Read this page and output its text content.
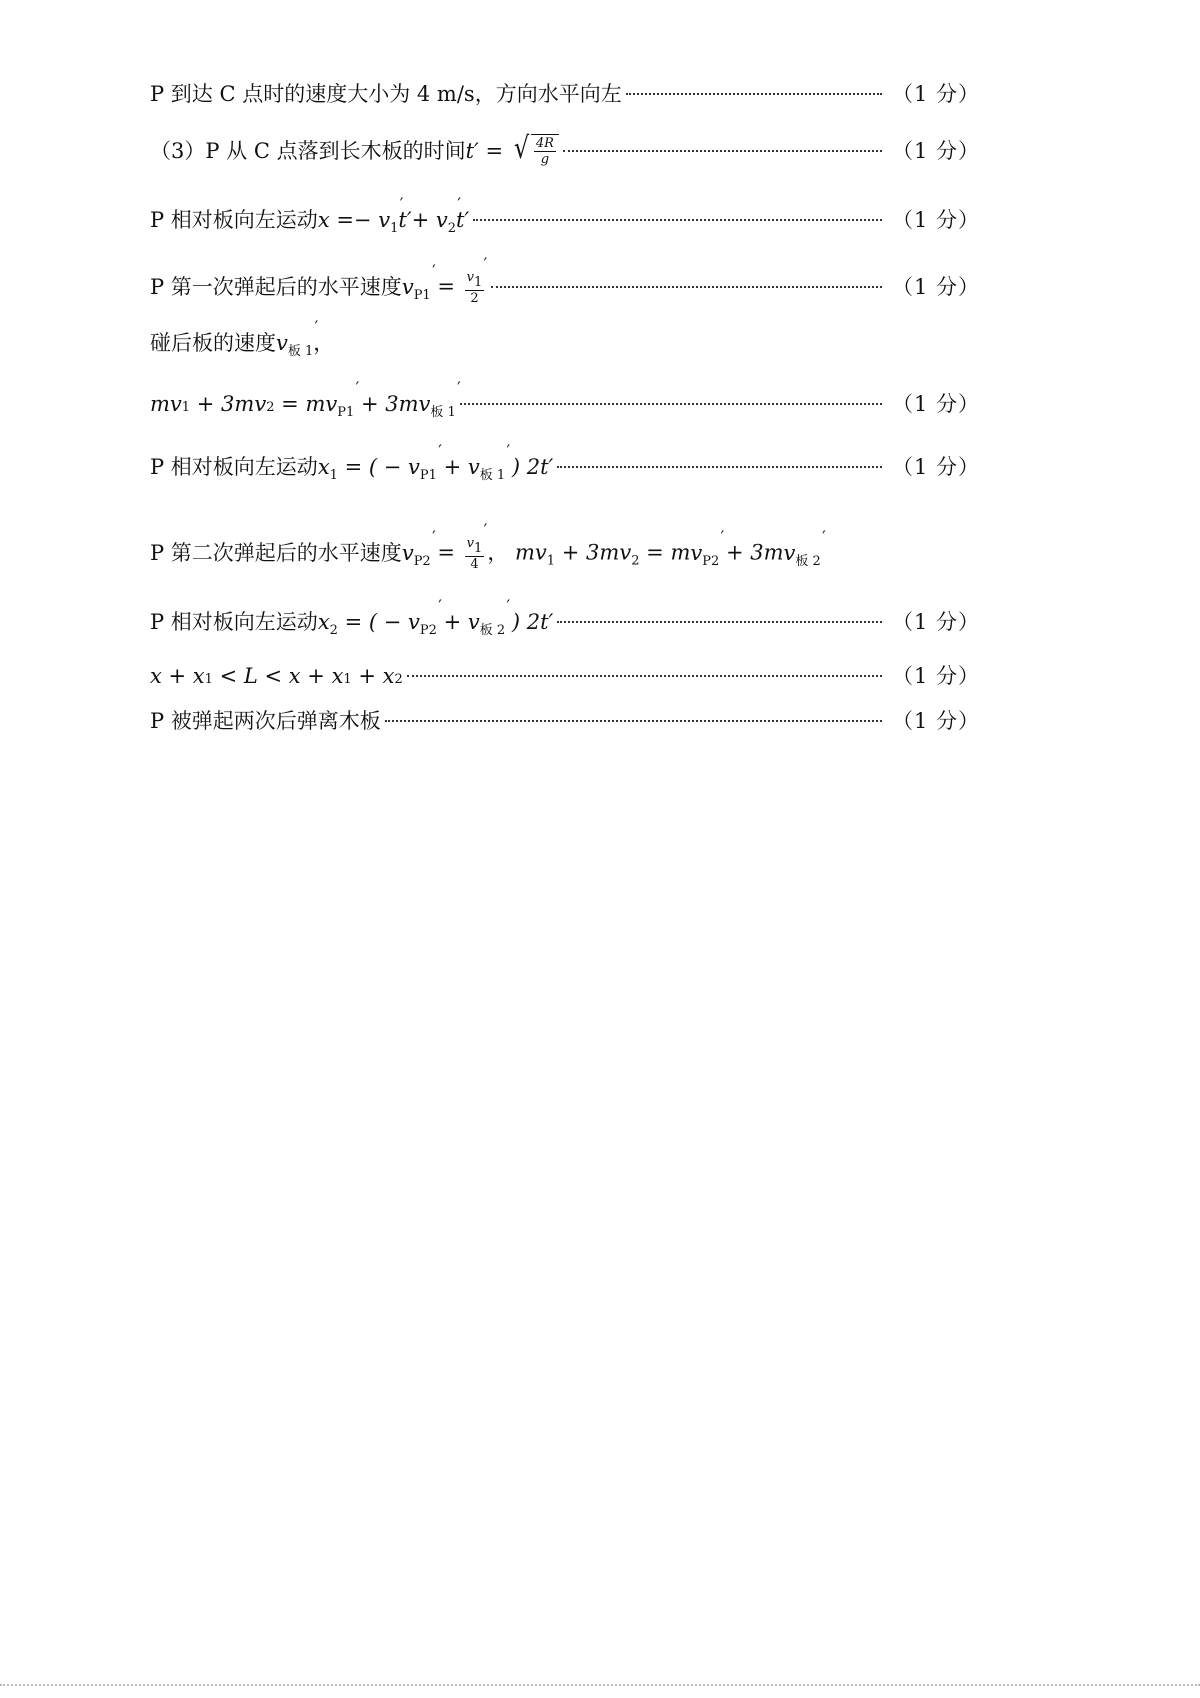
P 到达 C 点时的速度大小为 4 m/s，方向水平向左	（1 分）
（3）P 从 C 点落到长木板的时间 t′ = √ $\frac{4R}{g}$	（1 分）
P 相对板向左运动 $x =- v_1$ $'t'+ v_2$ ′t′	（1 分）
P 第一次弹起后的水平速度 $v_{P1}$ ′ = $\frac{v_1 '}{2}$	（1 分）
碰后板的速度 $v_{板 1}$ ′ ，
m v 1 + 3 m v 2 = m $v_{P1}$ ′ + 3 m $v_{板 1}$ ′	（1 分）
P 相对板向左运动 $x_1$ = ( − $v_{P1}$ ′ + $v_{板 1}$ ′ ) 2t′	（1 分）
P 第二次弹起后的水平速度 $v_{P2}$ ′ = $\frac{v_1 '}{4}$ ， $mv_1 + 3mv_2 = mv_{P2}$ ′ + $3mv_{板 2}$ ′
P 相对板向左运动 $x_2$ = ( − $v_{P2}$ ′ + $v_{板 2}$ ′ ) 2t′	（1 分）
x + x 1 < L < x + x 1 + x 2	（1 分）
P 被弹起两次后弹离木板	（1 分）
